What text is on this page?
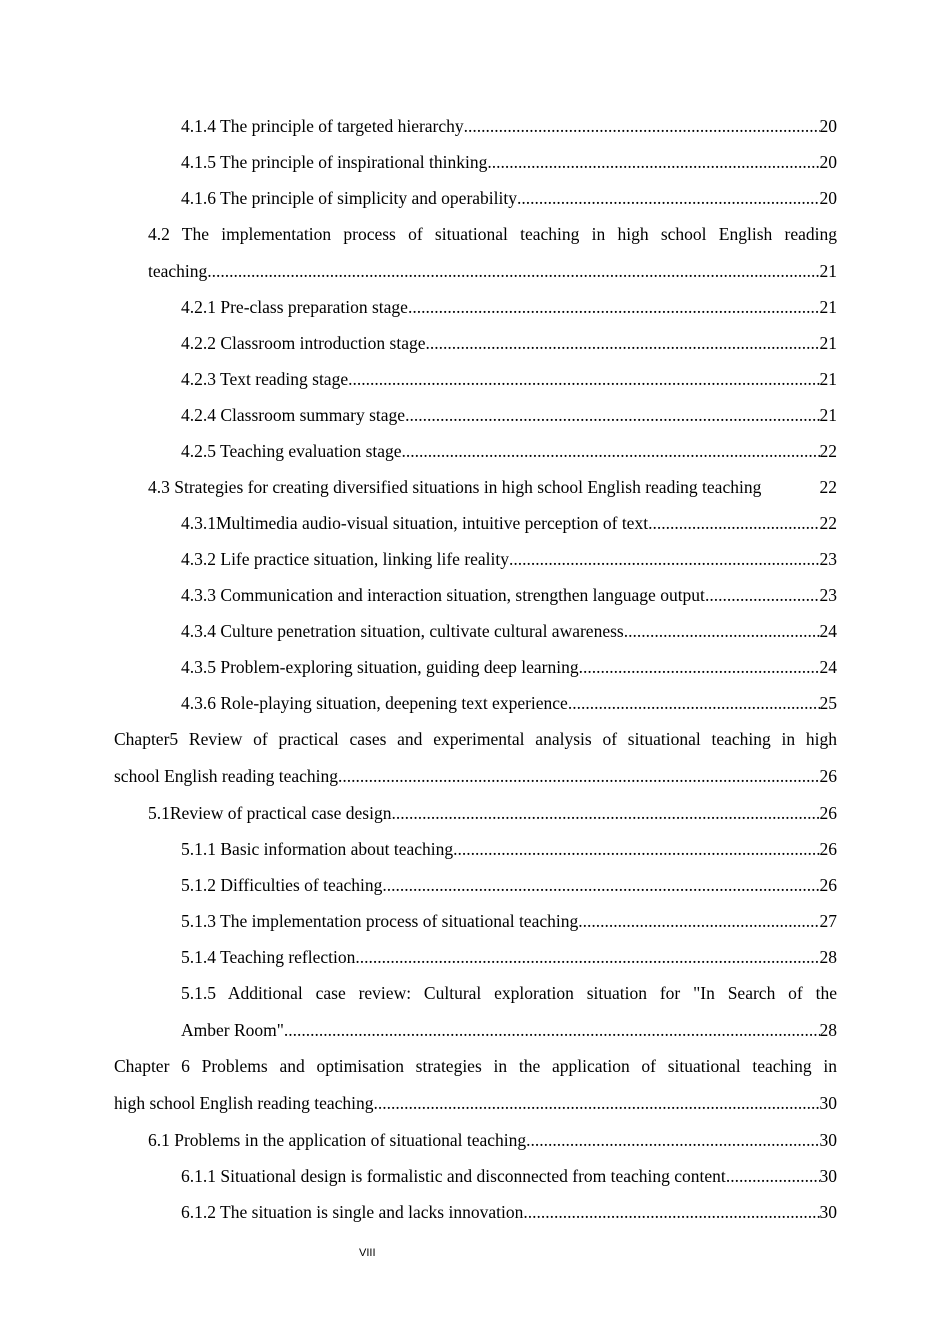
4.1.4 The principle of targeted hierarchy .....	20
4.1.5 The principle of inspirational thinking .....	20
4.1.6 The principle of simplicity and operability .....	20
4.2 The implementation process of situational teaching in high school English reading
teaching .....	21
4.2.1 Pre-class preparation stage .....	21
4.2.2 Classroom introduction stage .....	21
4.2.3 Text reading stage .....	21
4.2.4 Classroom summary stage .....	21
4.2.5 Teaching evaluation stage .....	22
4.3 Strategies for creating diversified situations in high school English reading teaching	22
4.3.1Multimedia audio-visual situation, intuitive perception of text .....	22
4.3.2 Life practice situation, linking life reality .....	23
4.3.3 Communication and interaction situation, strengthen language output .....	23
4.3.4 Culture penetration situation, cultivate cultural awareness .....	24
4.3.5 Problem-exploring situation, guiding deep learning .....	24
4.3.6 Role-playing situation, deepening text experience .....	25
Chapter5 Review of practical cases and experimental analysis of situational teaching in high
school English reading teaching .....	26
5.1Review of practical case design .....	26
5.1.1 Basic information about teaching .....	26
5.1.2 Difficulties of teaching .....	26
5.1.3 The implementation process of situational teaching .....	27
5.1.4 Teaching reflection .....	28
5.1.5 Additional case review: Cultural exploration situation for "In Search of the
Amber Room" .....	28
Chapter 6 Problems and optimisation strategies in the application of situational teaching in
high school English reading teaching .....	30
6.1 Problems in the application of situational teaching .....	30
6.1.1 Situational design is formalistic and disconnected from teaching content .....	30
6.1.2 The situation is single and lacks innovation .....	30
VIII
